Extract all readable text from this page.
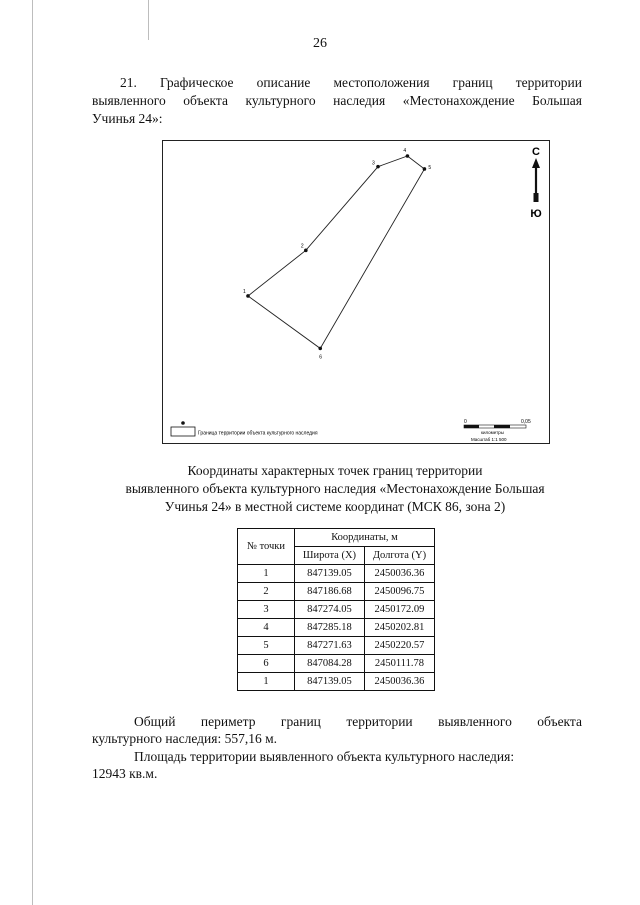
26
21. Графическое описание местоположения границ территории
выявленного объекта культурного наследия «Местонахождение Большая
Учинья 24»:
1
2
3
4
5
6
С
Ю
Граница территории объекта культурного наследия
0	0,05
километры
Масштаб 1:1 500
Координаты характерных точек границ территории
выявленного объекта культурного наследия «Местонахождение Большая
Учинья 24» в местной системе координат (МСК 86, зона 2)
№ точки	Координаты, м	
	Широта (X)	Долгота (Y)
1	847139.05	2450036.36
2	847186.68	2450096.75
3	847274.05	2450172.09
4	847285.18	2450202.81
5	847271.63	2450220.57
6	847084.28	2450111.78
1	847139.05	2450036.36
Общий периметр границ территории выявленного объекта
культурного наследия: 557,16 м.
Площадь территории выявленного объекта культурного наследия:
12943 кв.м.
